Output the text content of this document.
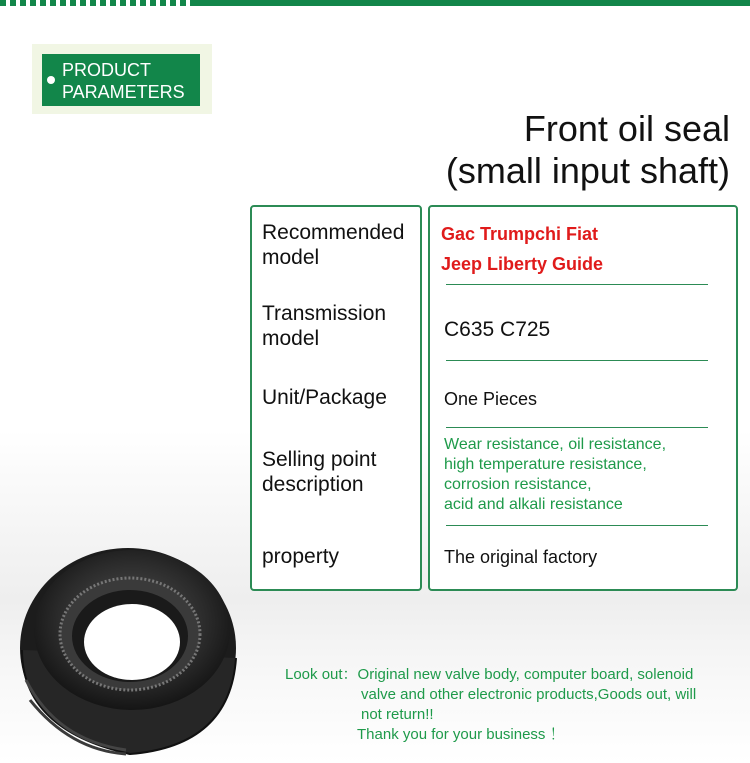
PRODUCT
PARAMETERS
Front oil seal
(small input shaft)
Recommended
model
Transmission
model
Unit/Package
Selling point
description
property
Gac Trumpchi Fiat
Jeep Liberty Guide
C635 C725
One Pieces
Wear resistance, oil resistance,
high temperature resistance,
corrosion resistance,
acid and alkali resistance
The original factory
Look out：Original new valve body, computer board, solenoid
valve and other electronic products,Goods out, will
not return!!
Thank you for your business ！
